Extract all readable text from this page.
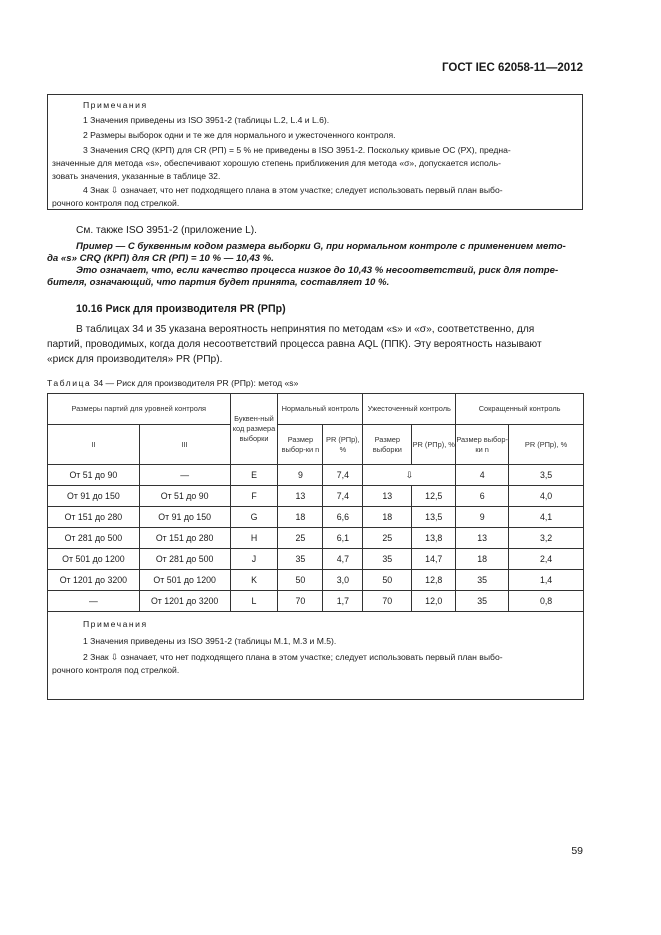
ГОСТ IEC 62058-11—2012
Примечания
1 Значения приведены из ISO 3951-2 (таблицы L.2, L.4 и L.6).
2 Размеры выборок одни и те же для нормального и ужесточенного контроля.
3 Значения CRQ (КРП) для CR (РП) = 5 % не приведены в ISO 3951-2. Поскольку кривые ОС (РХ), предна-
значенные для метода «s», обеспечивают хорошую степень приближения для метода «σ», допускается исполь-
зовать значения, указанные в таблице 32.
4 Знак ⇩ означает, что нет подходящего плана в этом участке; следует использовать первый план выбо-
рочного контроля под стрелкой.
См. также ISO 3951-2 (приложение L).
Пример — С буквенным кодом размера выборки G, при нормальном контроле с применением мето-
да «s» CRQ (КРП) для CR (РП) = 10 % — 10,43 %.
Это означает, что, если качество процесса низкое до 10,43 % несоответствий, риск для потре-
бителя, означающий, что партия будет принята, составляет 10 %.
10.16 Риск для производителя PR (РПр)
В таблицах 34 и 35 указана вероятность непринятия по методам «s» и «σ», соответственно, для
партий, проводимых, когда доля несоответствий процесса равна AQL (ППК). Эту вероятность называют
«риск для производителя» PR (РПр).
Таблица 34 — Риск для производителя PR (РПр): метод «s»
Размеры партий для уровней контроля		Буквен-ный код размера выборки	Нормальный контроль		Ужесточенный контроль		Сокращенный контроль	
II	III		Размер выбор-ки n	PR (РПр), %	Размер выборки	PR (РПр), %	Размер выбор-ки n	PR (РПр), %
От 51 до 90	—	E	9	7,4	⇩		4	3,5
От 91 до 150	От 51 до 90	F	13	7,4	13	12,5	6	4,0
От 151 до 280	От 91 до 150	G	18	6,6	18	13,5	9	4,1
От 281 до 500	От 151 до 280	H	25	6,1	25	13,8	13	3,2
От 501 до 1200	От 281 до 500	J	35	4,7	35	14,7	18	2,4
От 1201 до 3200	От 501 до 1200	K	50	3,0	50	12,8	35	1,4
—	От 1201 до 3200	L	70	1,7	70	12,0	35	0,8

Примечания
1 Значения приведены из ISO 3951-2 (таблицы M.1, M.3 и M.5).
2 Знак ⇩ означает, что нет подходящего плана в этом участке; следует использовать первый план выбо-
рочного контроля под стрелкой.								
59
